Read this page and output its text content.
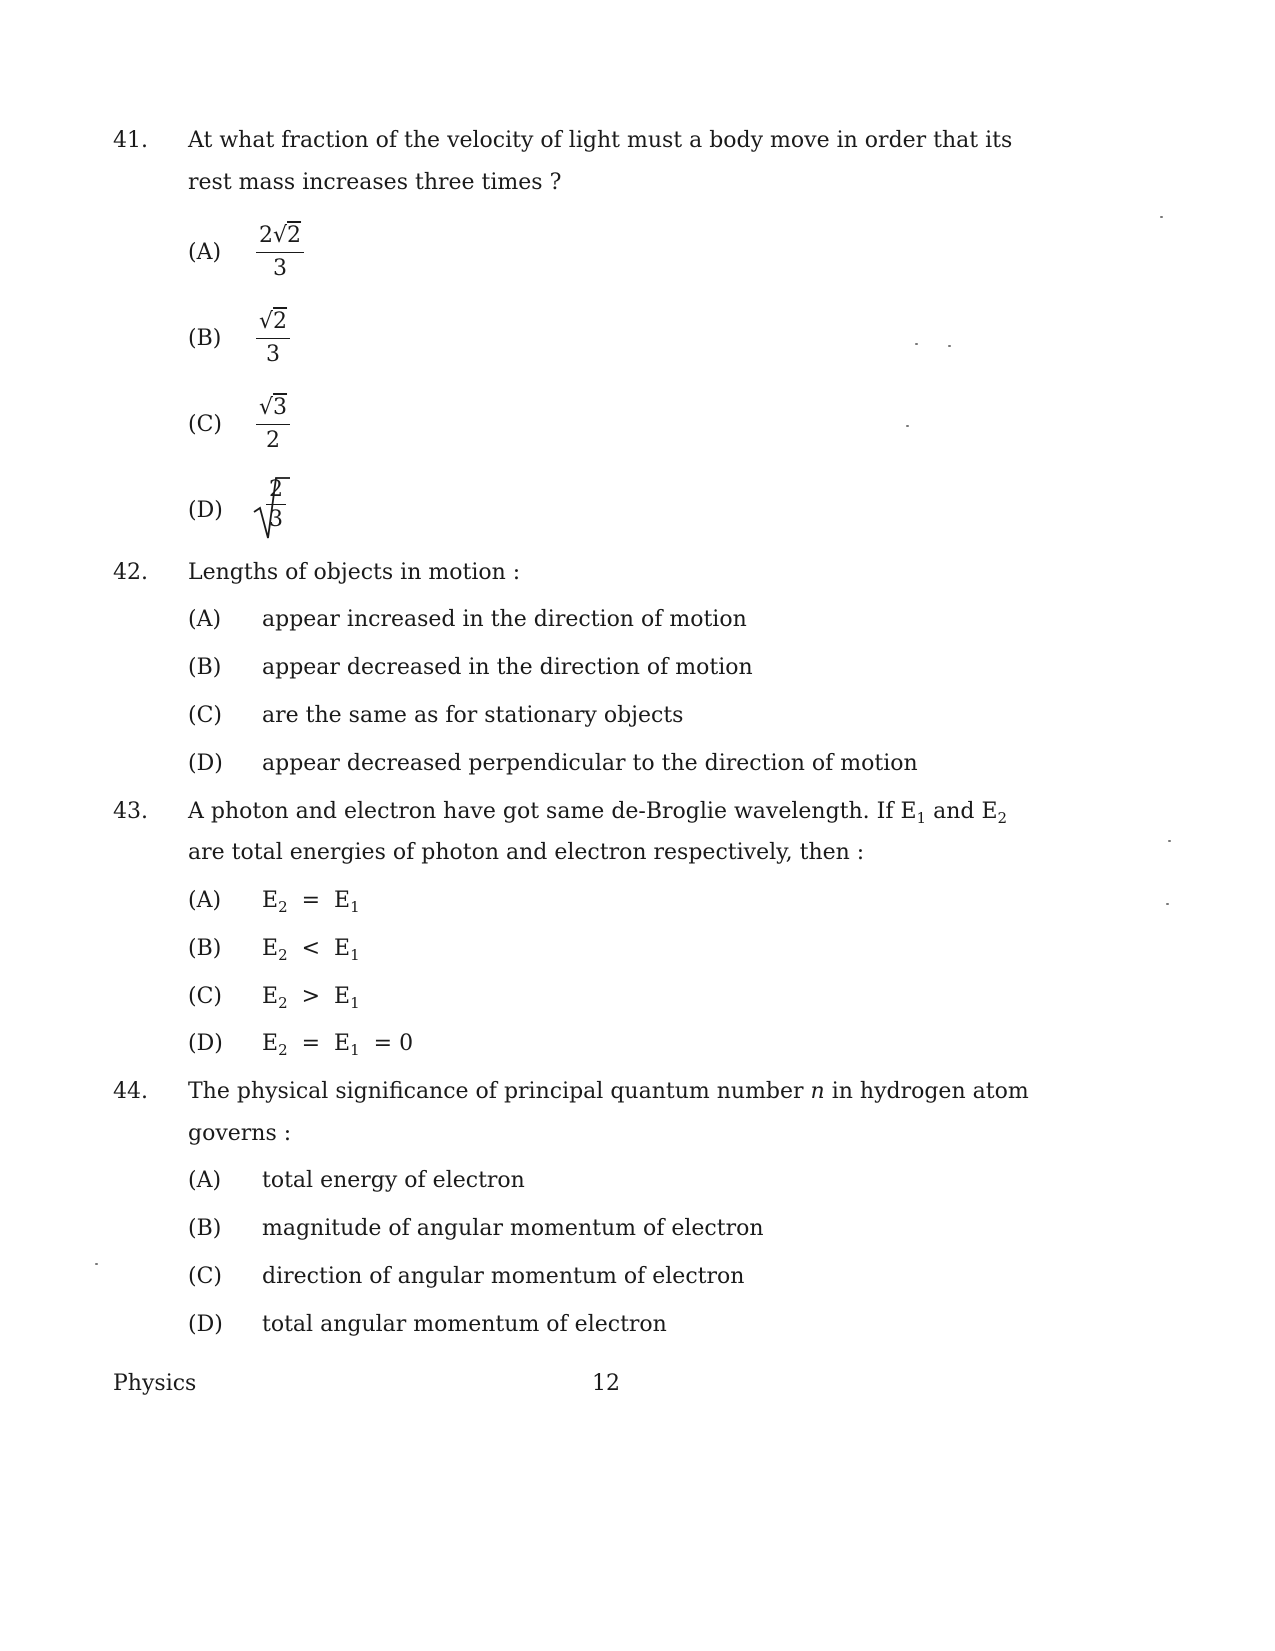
41. At what fraction of the velocity of light must a body move in order that its
rest mass increases three times ?
$(A) \frac{2√2}{3}$
$(B) \frac{√2}{3}$
$(C) \frac{√3}{2}$
$(D) \frac{2}{3}$
42. Lengths of objects in motion :
(A) appear increased in the direction of motion
(B) appear decreased in the direction of motion
(C) are the same as for stationary objects
(D) appear decreased perpendicular to the direction of motion
43. A photon and electron have got same de-Broglie wavelength. If $E_1$ and $E_2$
are total energies of photon and electron respectively, then :
(A) $E_2 = E_1$
(B) $E_2 < E_1$
(C) $E_2 > E_1$
(D) $E_2 = E_1 = 0$
44. The physical significance of principal quantum number n in hydrogen atom
governs :
(A) total energy of electron
(B) magnitude of angular momentum of electron
(C) direction of angular momentum of electron
(D) total angular momentum of electron
Physics	12
